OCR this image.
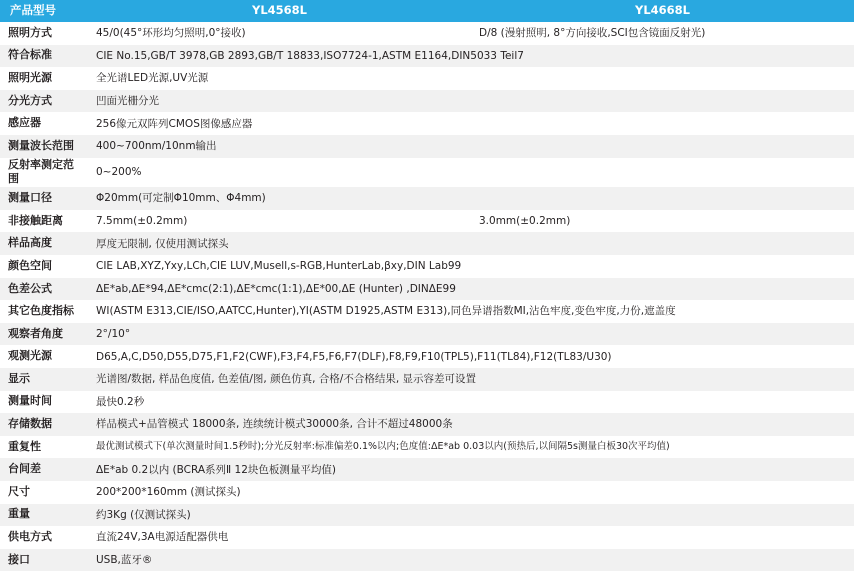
产品型号	YL4568L	YL4668L
照明方式	45/0(45°环形均匀照明,0°接收)	D/8 (漫射照明, 8°方向接收,SCI包含镜面反射光)
符合标准	CIE No.15,GB/T 3978,GB 2893,GB/T 18833,ISO7724-1,ASTM E1164,DIN5033 Teil7	
照明光源	全光谱LED光源,UV光源	
分光方式	凹面光栅分光	
感应器	256像元双阵列CMOS图像感应器	
测量波长范围	400~700nm/10nm输出	
反射率测定范围	0~200%	
测量口径	Φ20mm(可定制Φ10mm、Φ4mm)	
非接触距离	7.5mm(±0.2mm)	3.0mm(±0.2mm)
样品高度	厚度无限制, 仅使用测试探头	
颜色空间	CIE LAB,XYZ,Yxy,LCh,CIE LUV,Musell,s-RGB,HunterLab,βxy,DIN Lab99	
色差公式	ΔE*ab,ΔE*94,ΔE*cmc(2:1),ΔE*cmc(1:1),ΔE*00,ΔE (Hunter) ,DINΔE99	
其它色度指标	WI(ASTM E313,CIE/ISO,AATCC,Hunter),YI(ASTM D1925,ASTM E313),同色异谱指数MI,沾色牢度,变色牢度,力份,遮盖度	
观察者角度	2°/10°	
观测光源	D65,A,C,D50,D55,D75,F1,F2(CWF),F3,F4,F5,F6,F7(DLF),F8,F9,F10(TPL5),F11(TL84),F12(TL83/U30)	
显示	光谱图/数据, 样品色度值, 色差值/图, 颜色仿真, 合格/不合格结果, 显示容差可设置	
测量时间	最快0.2秒	
存储数据	样品模式+品管模式 18000条, 连续统计模式30000条, 合计不超过48000条	
重复性	最优测试模式下(单次测量时间1.5秒时);分光反射率:标准偏差0.1%以内;色度值:ΔE*ab 0.03以内(预热后,以间隔5s测量白板30次平均值)	
台间差	ΔE*ab 0.2以内 (BCRA系列Ⅱ 12块色板测量平均值)	
尺寸	200*200*160mm (测试探头)	
重量	约3Kg (仅测试探头)	
供电方式	直流24V,3A电源适配器供电	
接口	USB,蓝牙®	
